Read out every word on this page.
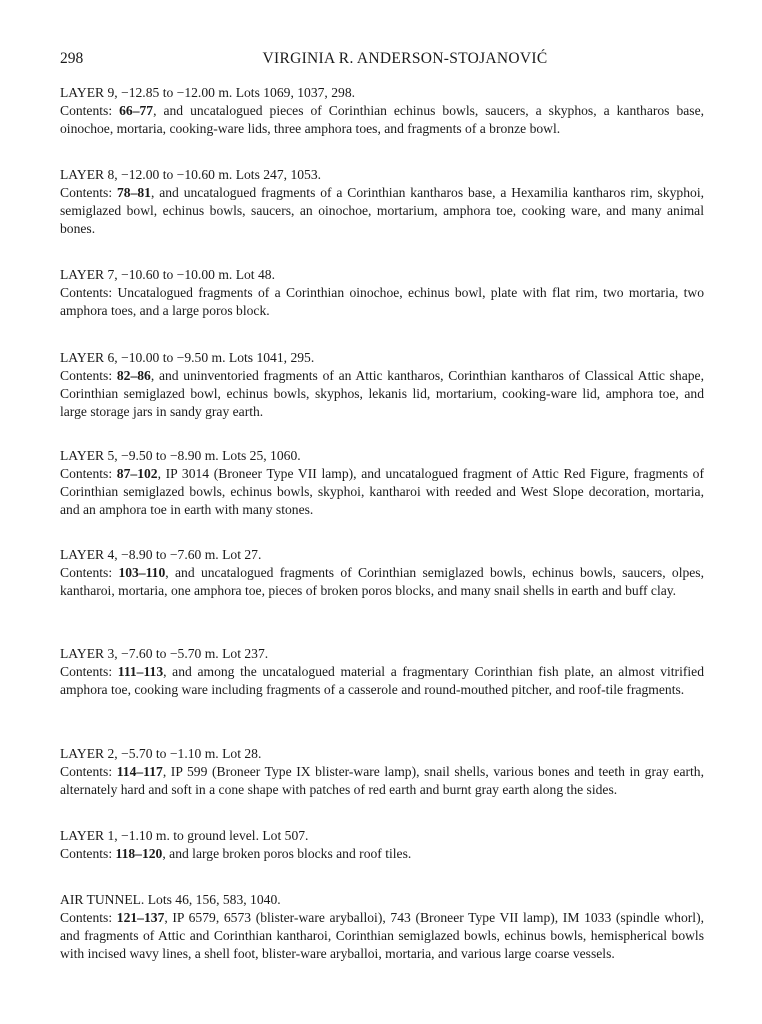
298	VIRGINIA R. ANDERSON-STOJANOVIĆ

LAYER 9, −12.85 to −12.00 m. Lots 1069, 1037, 298.

Contents: 66–77, and uncatalogued pieces of Corinthian echinus bowls, saucers, a skyphos, a kantharos base, oinochoe, mortaria, cooking-ware lids, three amphora toes, and fragments of a bronze bowl.

LAYER 8, −12.00 to −10.60 m. Lots 247, 1053.

Contents: 78–81, and uncatalogued fragments of a Corinthian kantharos base, a Hexamilia kantharos rim, skyphoi, semiglazed bowl, echinus bowls, saucers, an oinochoe, mortarium, amphora toe, cooking ware, and many animal bones.

LAYER 7, −10.60 to −10.00 m. Lot 48.

Contents: Uncatalogued fragments of a Corinthian oinochoe, echinus bowl, plate with flat rim, two mortaria, two amphora toes, and a large poros block.

LAYER 6, −10.00 to −9.50 m. Lots 1041, 295.

Contents: 82–86, and uninventoried fragments of an Attic kantharos, Corinthian kantharos of Classical Attic shape, Corinthian semiglazed bowl, echinus bowls, skyphos, lekanis lid, mortarium, cooking-ware lid, amphora toe, and large storage jars in sandy gray earth.

LAYER 5, −9.50 to −8.90 m. Lots 25, 1060.

Contents: 87–102, IP 3014 (Broneer Type VII lamp), and uncatalogued fragment of Attic Red Figure, fragments of Corinthian semiglazed bowls, echinus bowls, skyphoi, kantharoi with reeded and West Slope decoration, mortaria, and an amphora toe in earth with many stones.

LAYER 4, −8.90 to −7.60 m. Lot 27.

Contents: 103–110, and uncatalogued fragments of Corinthian semiglazed bowls, echinus bowls, saucers, olpes, kantharoi, mortaria, one amphora toe, pieces of broken poros blocks, and many snail shells in earth and buff clay.

LAYER 3, −7.60 to −5.70 m. Lot 237.

Contents: 111–113, and among the uncatalogued material a fragmentary Corinthian fish plate, an almost vitrified amphora toe, cooking ware including fragments of a casserole and round-mouthed pitcher, and roof-tile fragments.

LAYER 2, −5.70 to −1.10 m. Lot 28.

Contents: 114–117, IP 599 (Broneer Type IX blister-ware lamp), snail shells, various bones and teeth in gray earth, alternately hard and soft in a cone shape with patches of red earth and burnt gray earth along the sides.

LAYER 1, −1.10 m. to ground level. Lot 507.

Contents: 118–120, and large broken poros blocks and roof tiles.

AIR TUNNEL. Lots 46, 156, 583, 1040.

Contents: 121–137, IP 6579, 6573 (blister-ware aryballoi), 743 (Broneer Type VII lamp), IM 1033 (spindle whorl), and fragments of Attic and Corinthian kantharoi, Corinthian semiglazed bowls, echinus bowls, hemispherical bowls with incised wavy lines, a shell foot, blister-ware aryballoi, mortaria, and various large coarse vessels.
